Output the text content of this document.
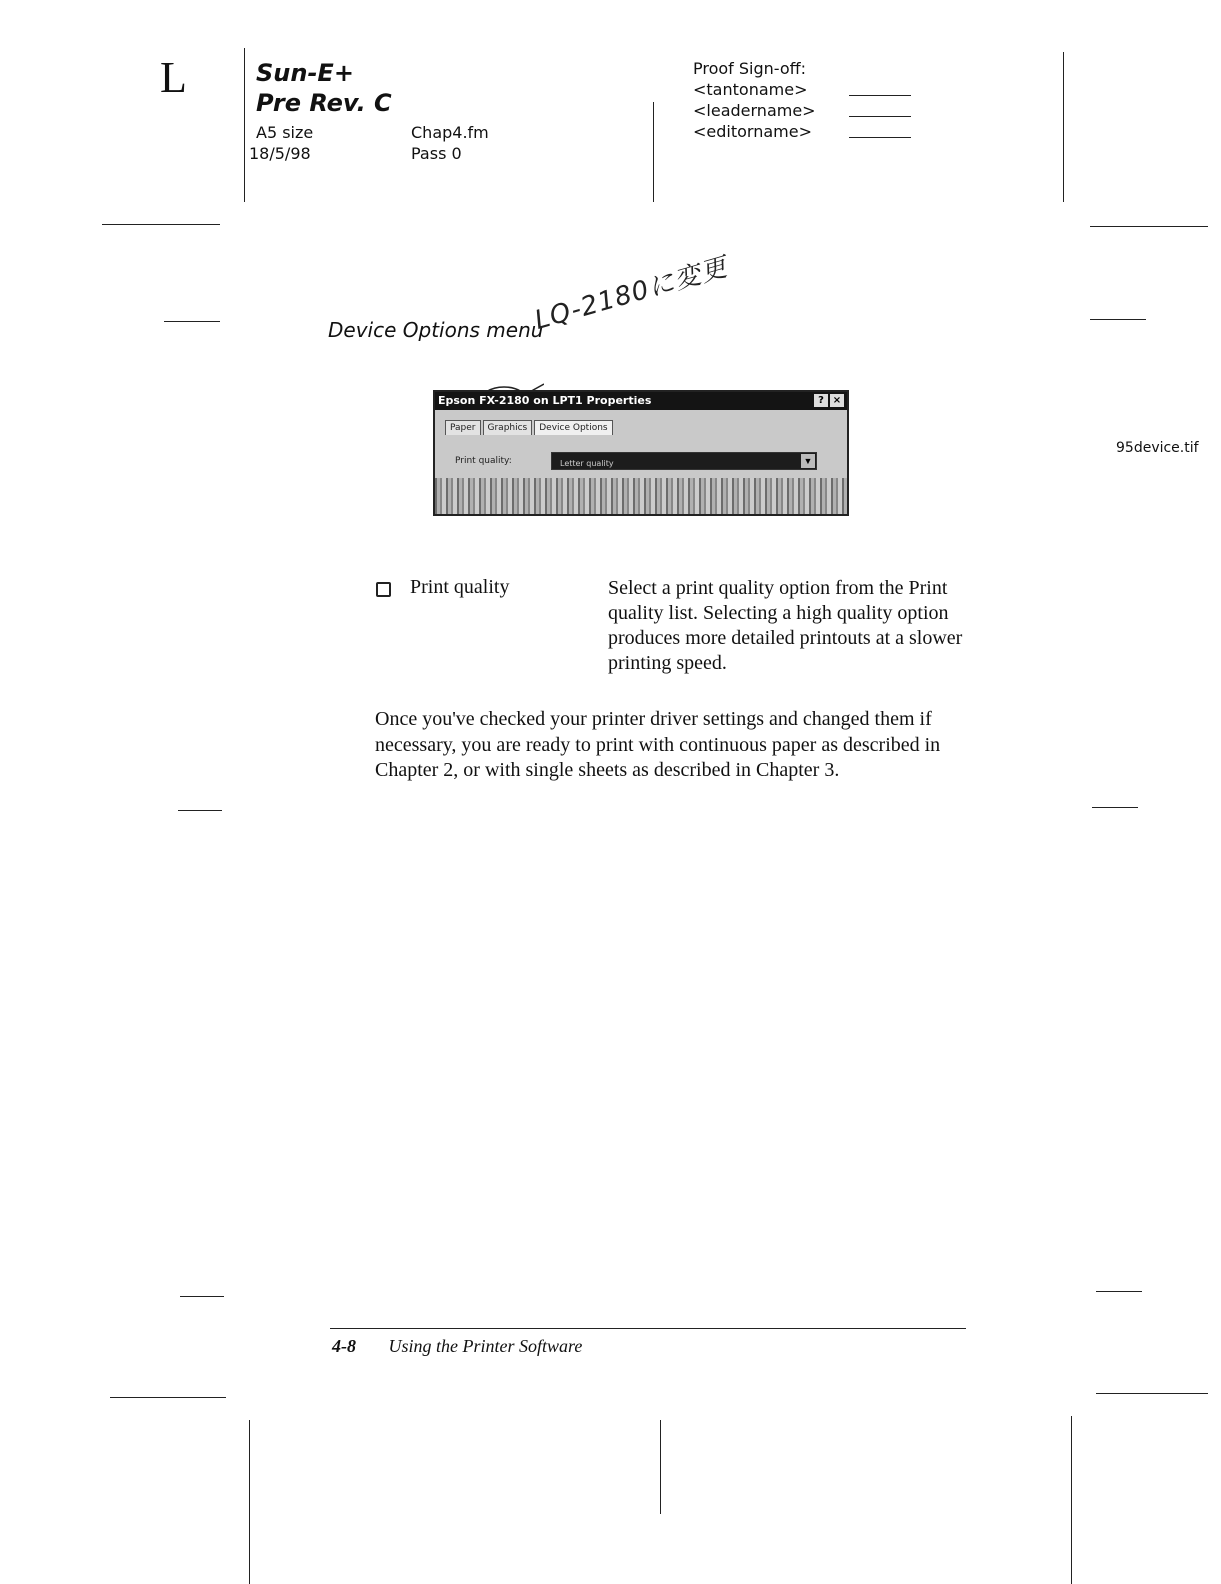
L	Sun-E+
Pre Rev. C
A5 size
18/5/98
Chap4.fm
Pass 0
Proof Sign-off:
<tantoname>
<leadername>
<editorname>
95device.tif
Device Options menu
LQ-2180に変更
Epson FX-2180 on LPT1 Properties	? ×
Paper	Graphics	Device Options
Print quality:	Letter quality	▼
Print quality	Select a print quality option from the Print quality list. Selecting a high quality option produces more detailed printouts at a slower printing speed.
Once you've checked your printer driver settings and changed them if necessary, you are ready to print with continuous paper as described in Chapter 2, or with single sheets as described in Chapter 3.
4-8 Using the Printer Software
